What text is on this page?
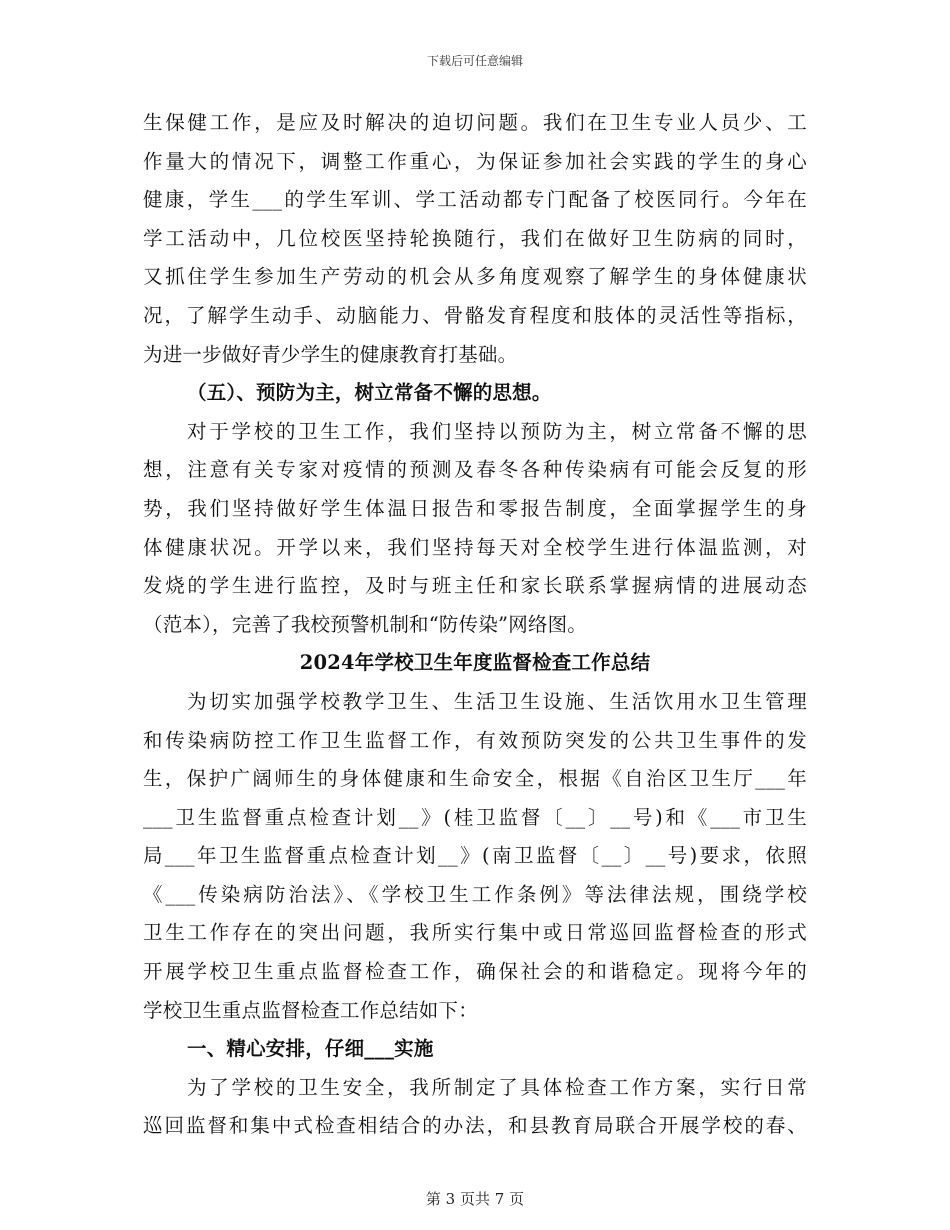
下载后可任意编辑
生保健工作，是应及时解决的迫切问题。我们在卫生专业人员少、工
作量大的情况下，调整工作重心，为保证参加社会实践的学生的身心
健康，学生___的学生军训、学工活动都专门配备了校医同行。今年在
学工活动中，几位校医坚持轮换随行，我们在做好卫生防病的同时，
又抓住学生参加生产劳动的机会从多角度观察了解学生的身体健康状
况，了解学生动手、动脑能力、骨骼发育程度和肢体的灵活性等指标，
为进一步做好青少学生的健康教育打基础。
（五）、预防为主，树立常备不懈的思想。
对于学校的卫生工作，我们坚持以预防为主，树立常备不懈的思
想，注意有关专家对疫情的预测及春冬各种传染病有可能会反复的形
势，我们坚持做好学生体温日报告和零报告制度，全面掌握学生的身
体健康状况。开学以来，我们坚持每天对全校学生进行体温监测，对
发烧的学生进行监控，及时与班主任和家长联系掌握病情的进展动态
（范本），完善了我校预警机制和“防传染”网络图。
2024年学校卫生年度监督检查工作总结
为切实加强学校教学卫生、生活卫生设施、生活饮用水卫生管理
和传染病防控工作卫生监督工作，有效预防突发的公共卫生事件的发
生，保护广阔师生的身体健康和生命安全，根据《自治区卫生厅___年
___卫生监督重点检查计划__》(桂卫监督〔__〕__号)和《___市卫生
局___年卫生监督重点检查计划__》(南卫监督〔__〕__号)要求，依照
《___传染病防治法》、《学校卫生工作条例》等法律法规，围绕学校
卫生工作存在的突出问题，我所实行集中或日常巡回监督检查的形式
开展学校卫生重点监督检查工作，确保社会的和谐稳定。现将今年的
学校卫生重点监督检查工作总结如下：
一、精心安排，仔细___实施
为了学校的卫生安全，我所制定了具体检查工作方案，实行日常
巡回监督和集中式检查相结合的办法，和县教育局联合开展学校的春、
第 3 页共 7 页
